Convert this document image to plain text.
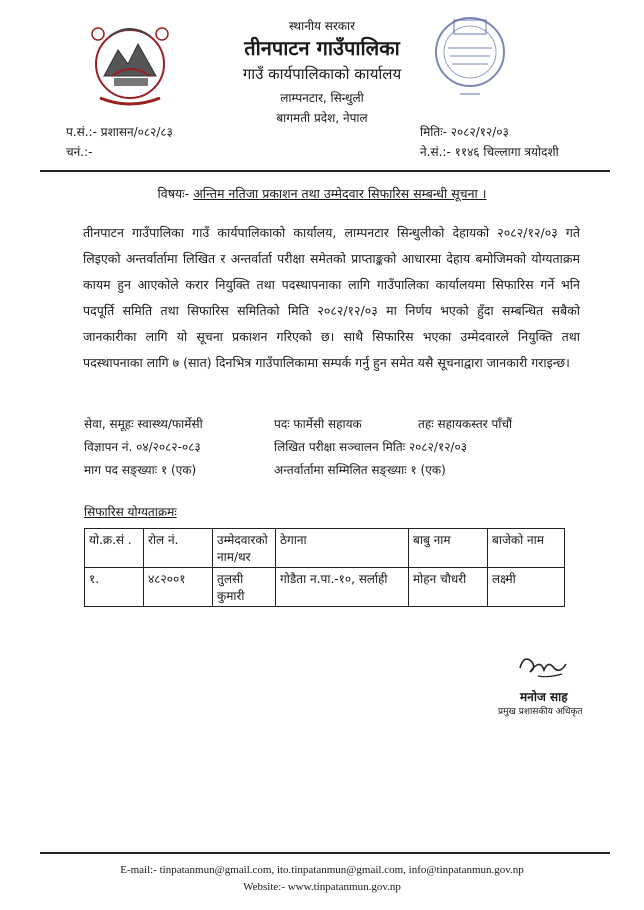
स्थानीय सरकार
तीनपाटन गाउँपालिका
गाउँ कार्यपालिकाको कार्यालय
लाम्पनटार, सिन्धुली
बागमती प्रदेश, नेपाल
प.सं.:- प्रशासन/०८२/८३
चनं.:-
मितिः- २०८२/१२/०३
ने.सं.:- ११४६ चिल्लागा त्रयोदशी
विषयः- अन्तिम नतिजा प्रकाशन तथा उम्मेदवार सिफारिस सम्बन्धी सूचना ।

तीनपाटन गाउँपालिका गाउँ कार्यपालिकाको कार्यालय, लाम्पनटार सिन्धुलीको देहायको २०८२/१२/०३ गते लिइएको अन्तर्वार्तामा लिखित र अन्तर्वार्ता परीक्षा समेतको प्राप्ताङ्कको आधारमा देहाय बमोजिमको योग्यताक्रम कायम हुन आएकोले करार नियुक्ति तथा पदस्थापनाका लागि गाउँपालिका कार्यालयमा सिफारिस गर्ने भनि पदपूर्ति समिति तथा सिफारिस समितिको मिति २०८२/१२/०३ मा निर्णय भएको हुँदा सम्बन्धित सबैको जानकारीका लागि यो सूचना प्रकाशन गरिएको छ। साथै सिफारिस भएका उम्मेदवारले नियुक्ति तथा पदस्थापनाका लागि ७ (सात) दिनभित्र गाउँपालिकामा सम्पर्क गर्नु हुन समेत यसै सूचनाद्वारा जानकारी गराइन्छ।

सेवा, समूहः स्वास्थ्य/फार्मेसी	पदः फार्मेसी सहायक	तहः सहायकस्तर पाँचौं
विज्ञापन नं. ०४/२०८२-०८३	लिखित परीक्षा सञ्चालन मितिः २०८२/१२/०३
माग पद सङ्ख्याः १ (एक)	अन्तर्वार्तामा सम्मिलित सङ्ख्याः १ (एक)
सिफारिस योग्यताक्रमः
यो.क्र.सं .	रोल नं.	उम्मेदवारको नाम/थर	ठेगाना	बाबु नाम	बाजेको नाम
१.	४८२००१	तुलसी कुमारी	गोडैता न.पा.-१०, सर्लाही	मोहन चौधरी	लक्ष्मी
मनोज साह
प्रमुख प्रशासकीय अधिकृत
E-mail:- tinpatanmun@gmail.com, ito.tinpatanmun@gmail.com, info@tinpatanmun.gov.np
Website:- www.tinpatanmun.gov.np
